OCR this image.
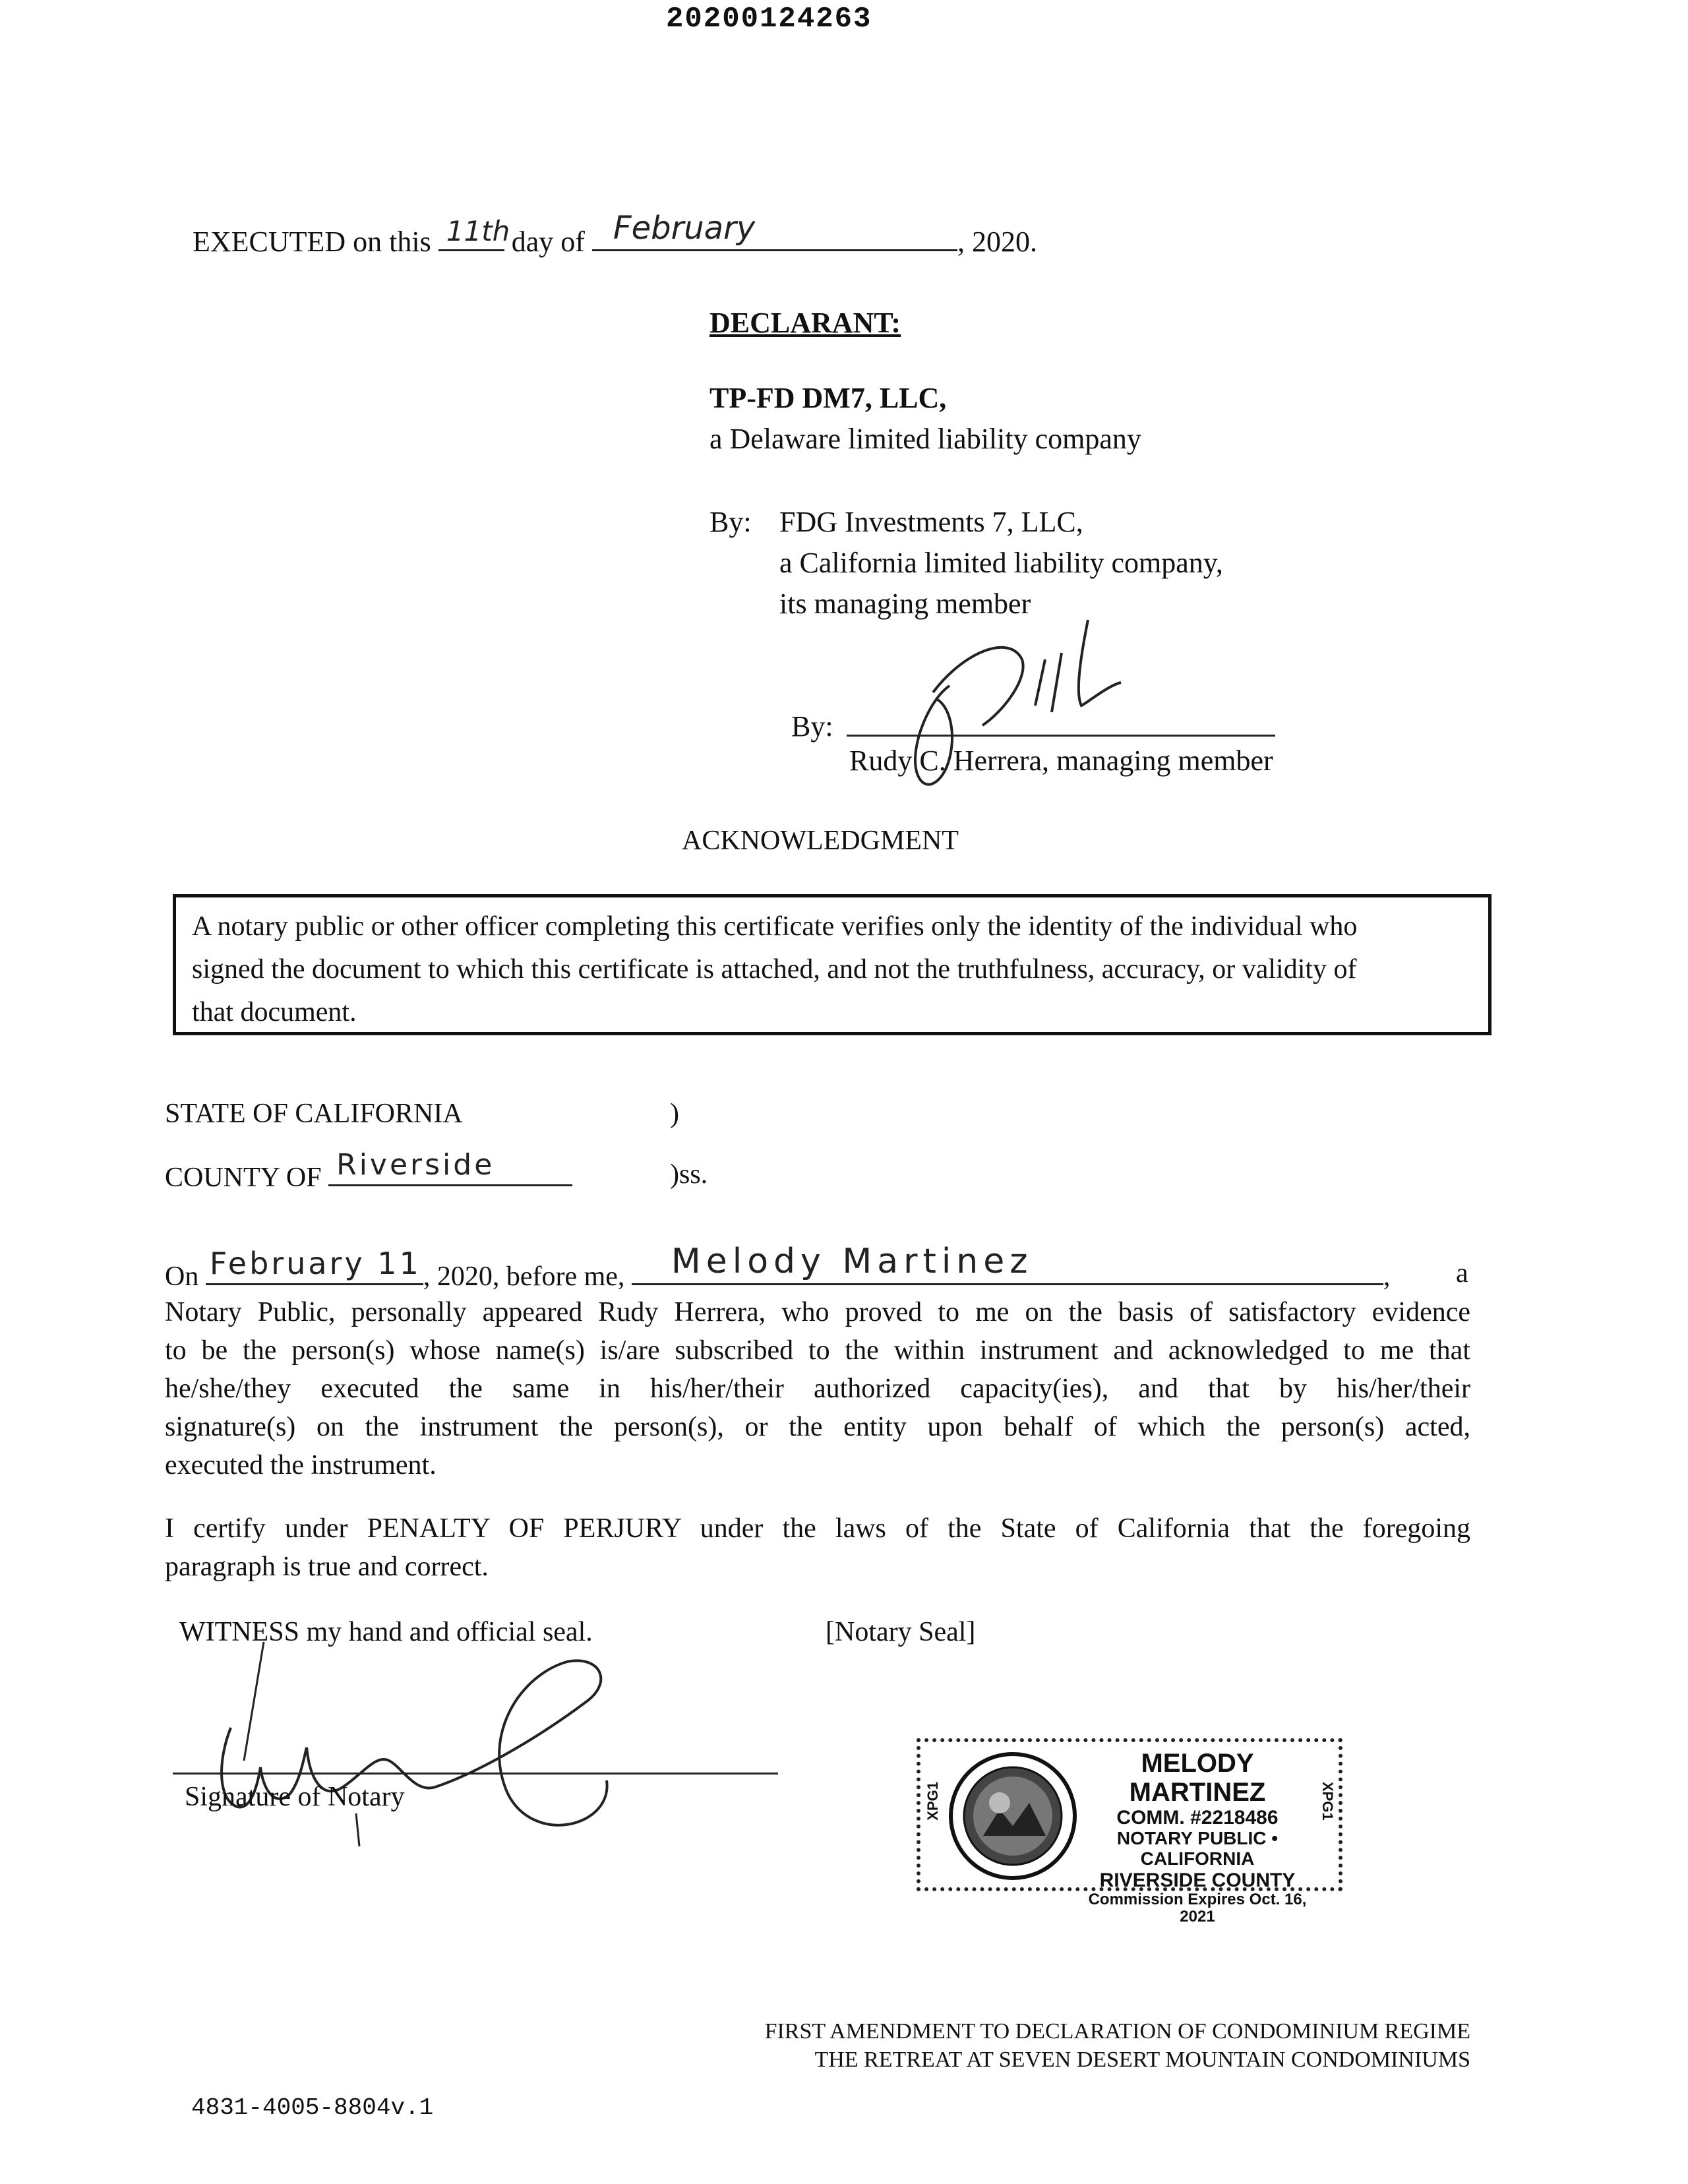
20200124263
EXECUTED on this 11th day of February	, 2020.
DECLARANT:
TP-FD DM7, LLC,
a Delaware limited liability company
By: FDG Investments 7, LLC,
a California limited liability company,
its managing member
By:
Rudy C. Herrera, managing member
ACKNOWLEDGMENT
A notary public or other officer completing this certificate verifies only the identity of the individual who
signed the document to which this certificate is attached, and not the truthfulness, accuracy, or validity of
that document.
STATE OF CALIFORNIA	)
COUNTY OF Riverside	)ss.
On February 11 , 2020, before me, Melody Martinez	, a
Notary Public, personally appeared Rudy Herrera, who proved to me on the basis of satisfactory evidence
to be the person(s) whose name(s) is/are subscribed to the within instrument and acknowledged to me that
he/she/they executed the same in his/her/their authorized capacity(ies), and that by his/her/their
signature(s) on the instrument the person(s), or the entity upon behalf of which the person(s) acted,
executed the instrument.
I certify under PENALTY OF PERJURY under the laws of the State of California that the foregoing
paragraph is true and correct.
WITNESS my hand and official seal.	[Notary Seal]
Signature of Notary	XPG1
MELODY MARTINEZ
COMM. #2218486
NOTARY PUBLIC • CALIFORNIA
RIVERSIDE COUNTY
Commission Expires Oct. 16, 2021
XPG1
FIRST AMENDMENT TO DECLARATION OF CONDOMINIUM REGIME
THE RETREAT AT SEVEN DESERT MOUNTAIN CONDOMINIUMS
4831-4005-8804v.1
